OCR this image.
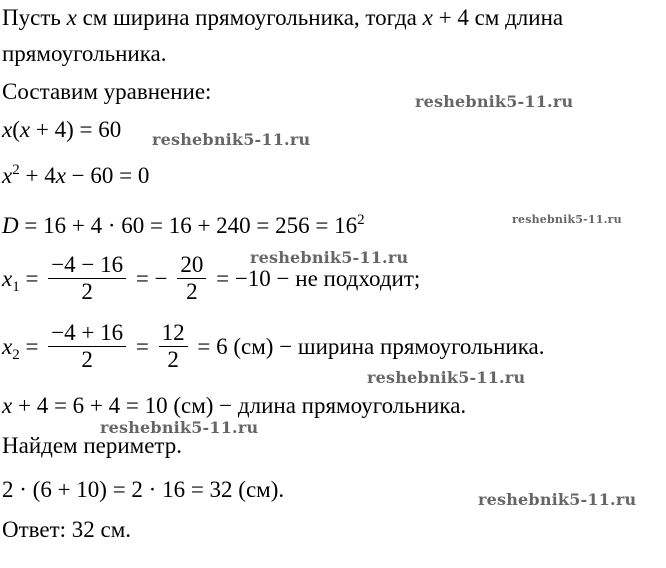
Пусть x см ширина прямоугольника, тогда x + 4 см длина
прямоугольника.
Составим уравнение:
x(x + 4) = 60
$x^2 + 4x - 60 = 0$
$D = 16 + 4 \cdot 60 = 16 + 240 = 256 = 16^2$
$x_1 = \frac{-4 - 16}{2}$ = − $\frac{20}{2} = -10$ − не подходит;
$x_2 = \frac{-4 + 16}{2} = \frac{12}{2} = 6$ (см) − ширина прямоугольника.
x + 4 = 6 + 4 = 10 (см) − длина прямоугольника.
Найдем периметр.
2 · (6 + 10) = 2 · 16 = 32 (см).
Ответ: 32 см.
reshebnik5-11.ru
reshebnik5-11.ru
reshebnik5-11.ru
reshebnik5-11.ru
reshebnik5-11.ru
reshebnik5-11.ru
reshebnik5-11.ru
